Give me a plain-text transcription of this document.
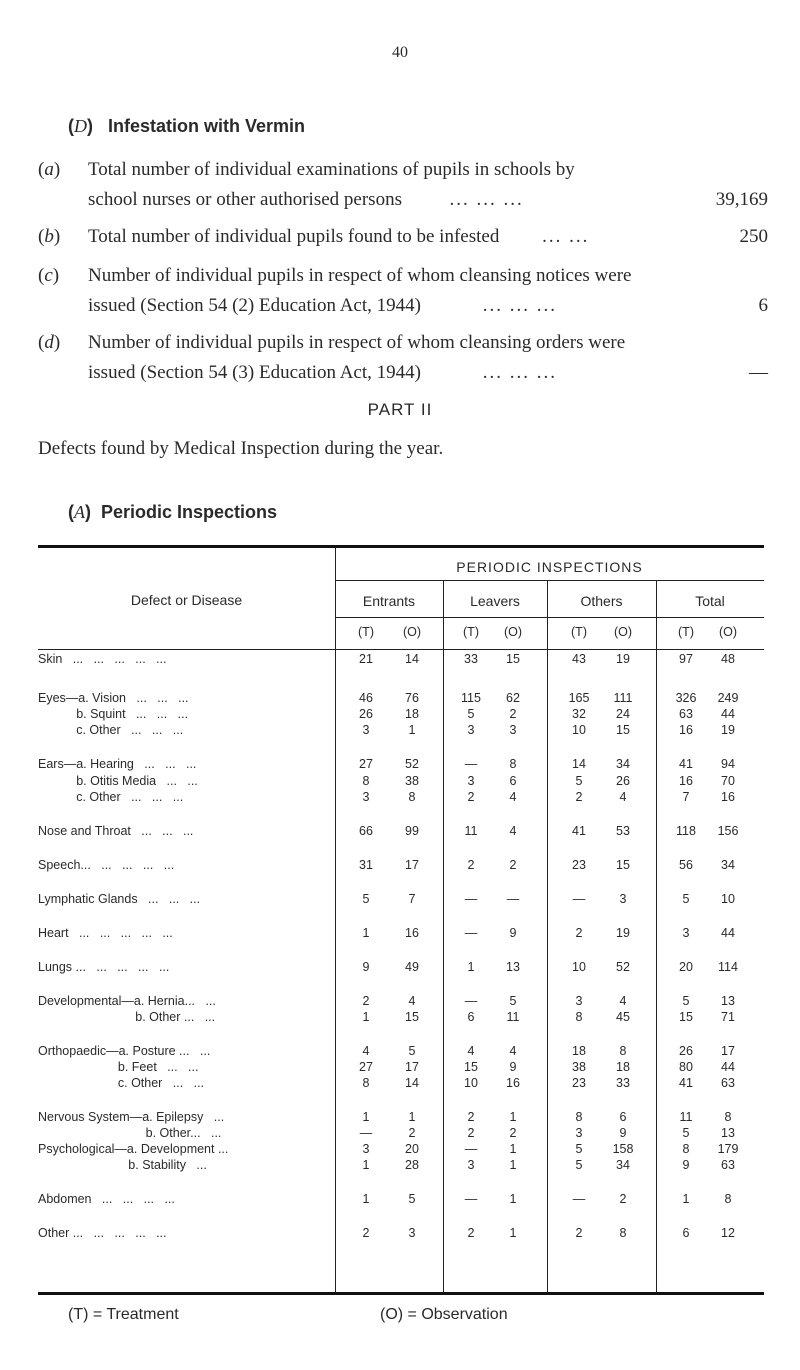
40
(D)   Infestation with Vermin
(a) Total number of individual examinations of pupils in schools by
school nurses or other authorised persons	... ... ...	39,169
(b) Total number of individual pupils found to be infested ... ...	250
(c) Number of individual pupils in respect of whom cleansing notices were
issued (Section 54 (2) Education Act, 1944)	... ... ...	6
(d) Number of individual pupils in respect of whom cleansing orders were
issued (Section 54 (3) Education Act, 1944)	... ... ...	—
PART II
Defects found by Medical Inspection during the year.
(A)  Periodic Inspections
PERIODIC INSPECTIONS
Defect or Disease	Entrants	Leavers	Others	Total
(T)	(O)	(T)	(O)	(T)	(O)	(T)	(O)
Skin   ...   ...   ...   ...   ...	21	14	33	15	43	19	97	48
Eyes—a. Vision   ...   ...   ...	46	76	115	62	165	111	326	249
b. Squint   ...   ...   ...	26	18	5	2	32	24	63	44
c. Other   ...   ...   ...	3	1	3	3	10	15	16	19
Ears—a. Hearing   ...   ...   ...	27	52	—	8	14	34	41	94
b. Otitis Media   ...   ...	8	38	3	6	5	26	16	70
c. Other   ...   ...   ...	3	8	2	4	2	4	7	16
Nose and Throat   ...   ...   ...	66	99	11	4	41	53	118	156
Speech...   ...   ...   ...   ...	31	17	2	2	23	15	56	34
Lymphatic Glands   ...   ...   ...	5	7	—	—	—	3	5	10
Heart   ...   ...   ...   ...   ...	1	16	—	9	2	19	3	44
Lungs ...   ...   ...   ...   ...	9	49	1	13	10	52	20	114
Developmental—a. Hernia...   ...	2	4	—	5	3	4	5	13
b. Other ...   ...	1	15	6	11	8	45	15	71
Orthopaedic—a. Posture ...   ...	4	5	4	4	18	8	26	17
b. Feet   ...   ...	27	17	15	9	38	18	80	44
c. Other   ...   ...	8	14	10	16	23	33	41	63
Nervous System—a. Epilepsy   ...	1	1	2	1	8	6	11	8
b. Other...   ...	—	2	2	2	3	9	5	13
Psychological—a. Development ...	3	20	—	1	5	158	8	179
b. Stability   ...	1	28	3	1	5	34	9	63
Abdomen   ...   ...   ...   ...	1	5	—	1	—	2	1	8
Other ...   ...   ...   ...   ...	2	3	2	1	2	8	6	12
(T) = Treatment	(O) = Observation
